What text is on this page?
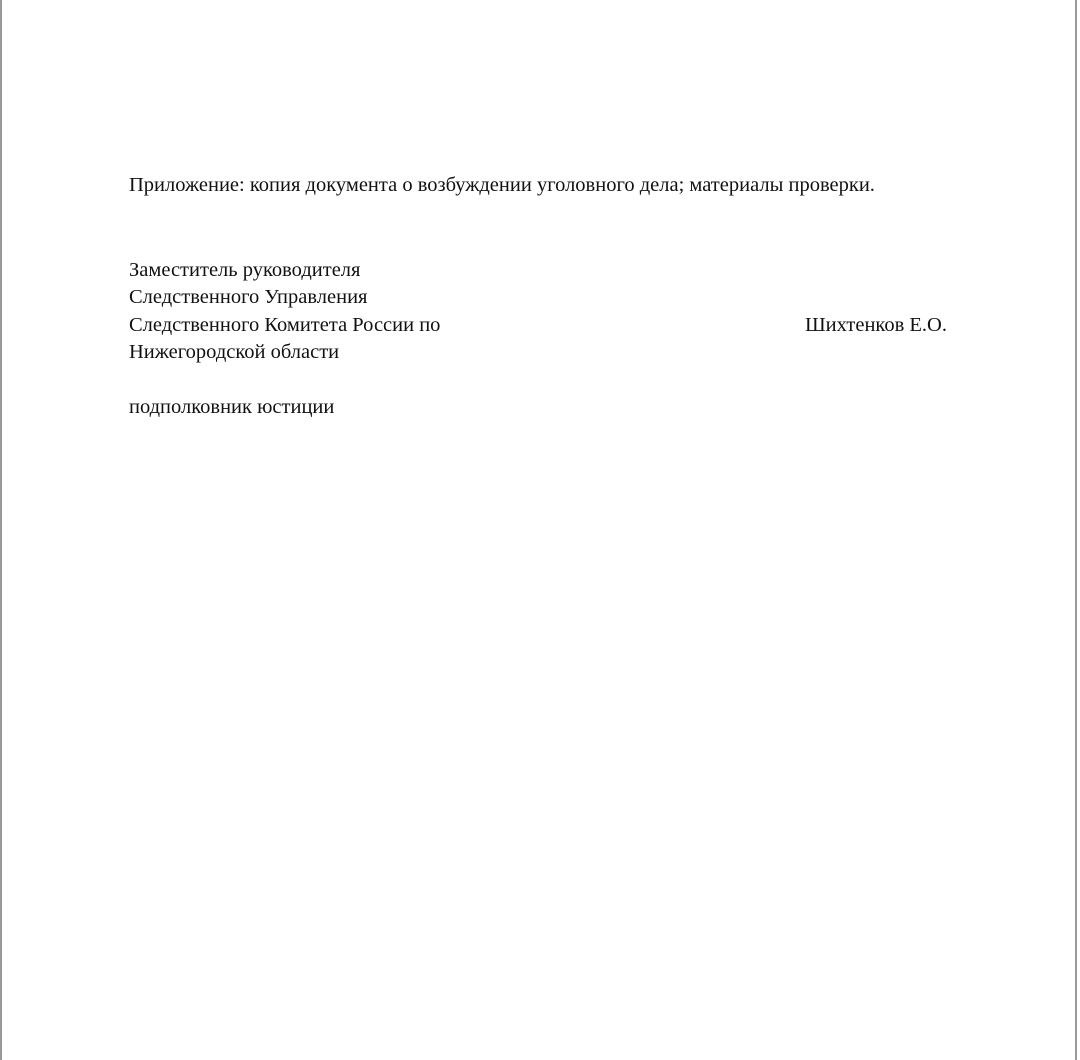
Приложение: копия документа о возбуждении уголовного дела; материалы проверки.
Заместитель руководителя
Следственного Управления
Следственного Комитета России по
Нижегородской области
подполковник юстиции
Шихтенков Е.О.
